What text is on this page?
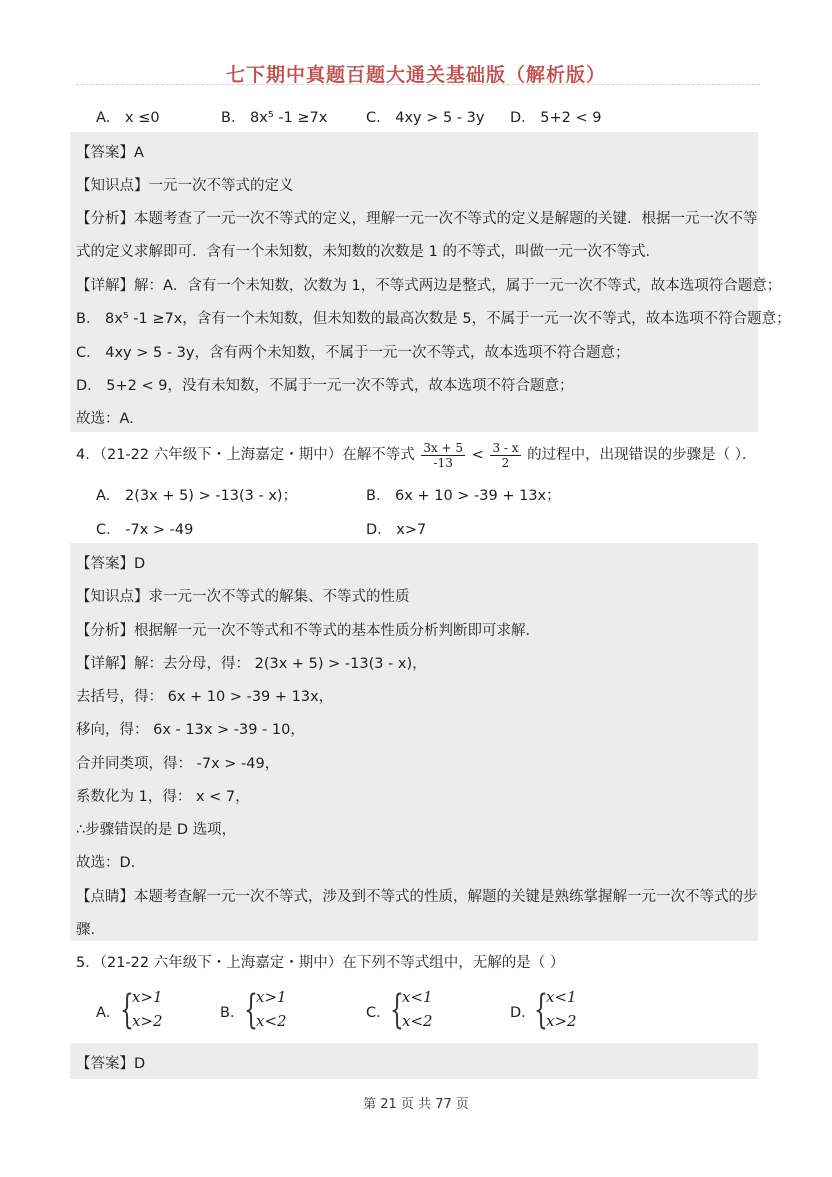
七下期中真题百题大通关基础版（解析版）
A． x ≤0	B． 8x⁵ -1 ≥7x	C． 4xy > 5 - 3y D． 5+2 < 9
【答案】A
【知识点】一元一次不等式的定义
【分析】本题考查了一元一次不等式的定义，理解一元一次不等式的定义是解题的关键．根据一元一次不等
式的定义求解即可．含有一个未知数，未知数的次数是 1 的不等式，叫做一元一次不等式．
【详解】解：A．含有一个未知数，次数为 1，不等式两边是整式，属于一元一次不等式，故本选项符合题意；
B． 8x⁵ -1 ≥7x，含有一个未知数，但未知数的最高次数是 5，不属于一元一次不等式，故本选项不符合题意；
C． 4xy > 5 - 3y，含有两个未知数，不属于一元一次不等式，故本选项不符合题意；
D． 5+2 < 9，没有未知数，不属于一元一次不等式，故本选项不符合题意；
故选：A.
4．（21-22 六年级下・上海嘉定・期中）在解不等式 $\frac{3x + 5}{-13} < \frac{3 - x}{2}$ 的过程中，出现错误的步骤是（ ）．
A． 2(3x + 5) > -13(3 - x)；	B． 6x + 10 > -39 + 13x；
C． -7x > -49	D． x>7
【答案】D
【知识点】求一元一次不等式的解集、不等式的性质
【分析】根据解一元一次不等式和不等式的基本性质分析判断即可求解．
【详解】解：去分母，得： 2(3x + 5) > -13(3 - x)，
去括号，得： 6x + 10 > -39 + 13x，
移向，得： 6x - 13x > -39 - 10，
合并同类项，得： -7x > -49，
系数化为 1，得： x < 7，
∴步骤错误的是 D 选项，
故选：D.
【点睛】本题考查解一元一次不等式，涉及到不等式的性质，解题的关键是熟练掌握解一元一次不等式的步
骤．
5．（21-22 六年级下・上海嘉定・期中）在下列不等式组中，无解的是（ ）
A． {
x>1
x>2	B． {
x>1
x<2	C． {
x<1
x<2	D．
{
x<1
x>2
【答案】D
第 21 页 共 77 页
